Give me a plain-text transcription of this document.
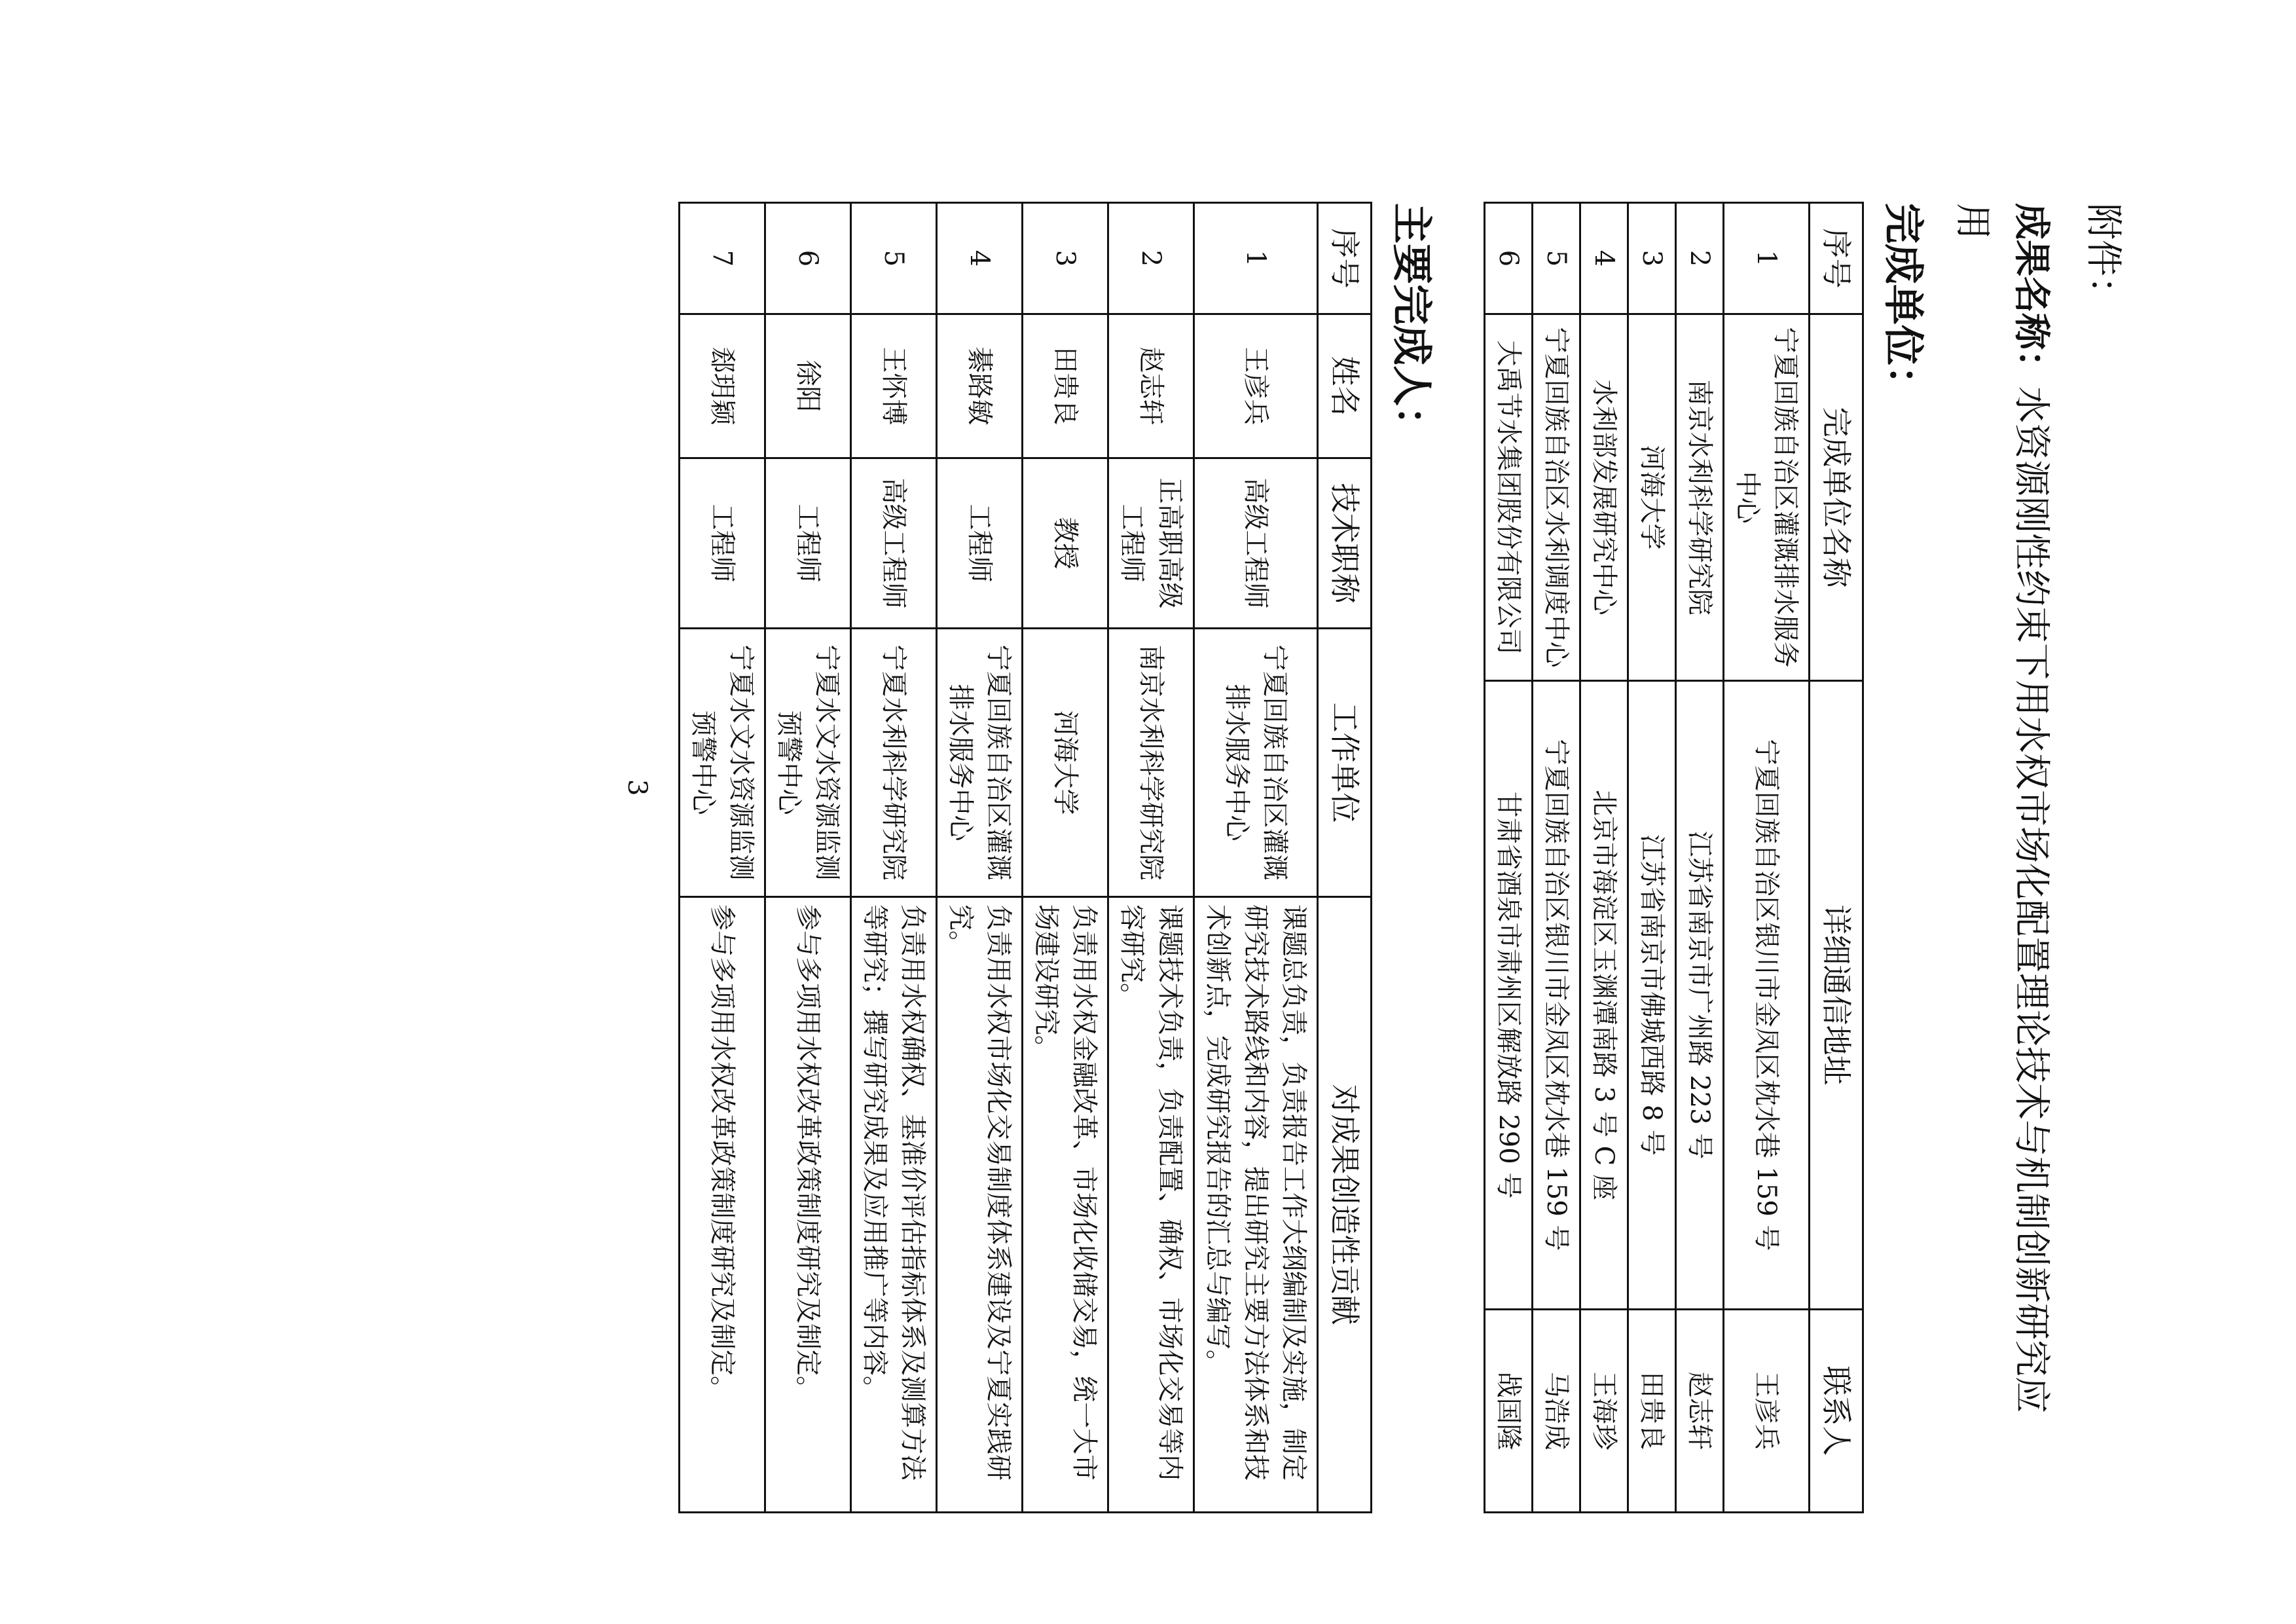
附件：
成果名称：水资源刚性约束下用水权市场化配置理论技术与机制创新研究应用
完成单位：
序号	完成单位名称	详细通信地址	联系人
1	宁夏回族自治区灌溉排水服务中心	宁夏回族自治区银川市金凤区枕水巷 159 号	王彦兵
2	南京水利科学研究院	江苏省南京市广州路 223 号	赵志轩
3	河海大学	江苏省南京市佛城西路 8 号	田贵良
4	水利部发展研究中心	北京市海淀区玉渊潭南路 3 号 C 座	王海珍
5	宁夏回族自治区水利调度中心	宁夏回族自治区银川市金凤区枕水巷 159 号	马浩成
6	大禹节水集团股份有限公司	甘肃省酒泉市肃州区解放路 290 号	战国隆
主要完成人：
序号	姓名	技术职称	工作单位	对成果创造性贡献
1	王彦兵	高级工程师	宁夏回族自治区灌溉排水服务中心	课题总负责，负责报告工作大纲编制及实施，制定研究技术路线和内容，提出研究主要方法体系和技术创新点，完成研究报告的汇总与编写。
2	赵志轩	正高职高级工程师	南京水利科学研究院	课题技术负责，负责配置、确权、市场化交易等内容研究。
3	田贵良	教授	河海大学	负责用水权金融改革、市场化收储交易，统一大市场建设研究。
4	綦路敏	工程师	宁夏回族自治区灌溉排水服务中心	负责用水权市场化交易制度体系建设及宁夏实践研究。
5	王怀博	高级工程师	宁夏水利科学研究院	负责用水权确权、基准价评估指标体系及测算方法等研究；撰写研究成果及应用推广等内容。
6	徐阳	工程师	宁夏水文水资源监测预警中心	参与多项用水权改革政策制度研究及制定。
7	郄玥颖	工程师	宁夏水文水资源监测预警中心	参与多项用水权改革政策制度研究及制定。
3
